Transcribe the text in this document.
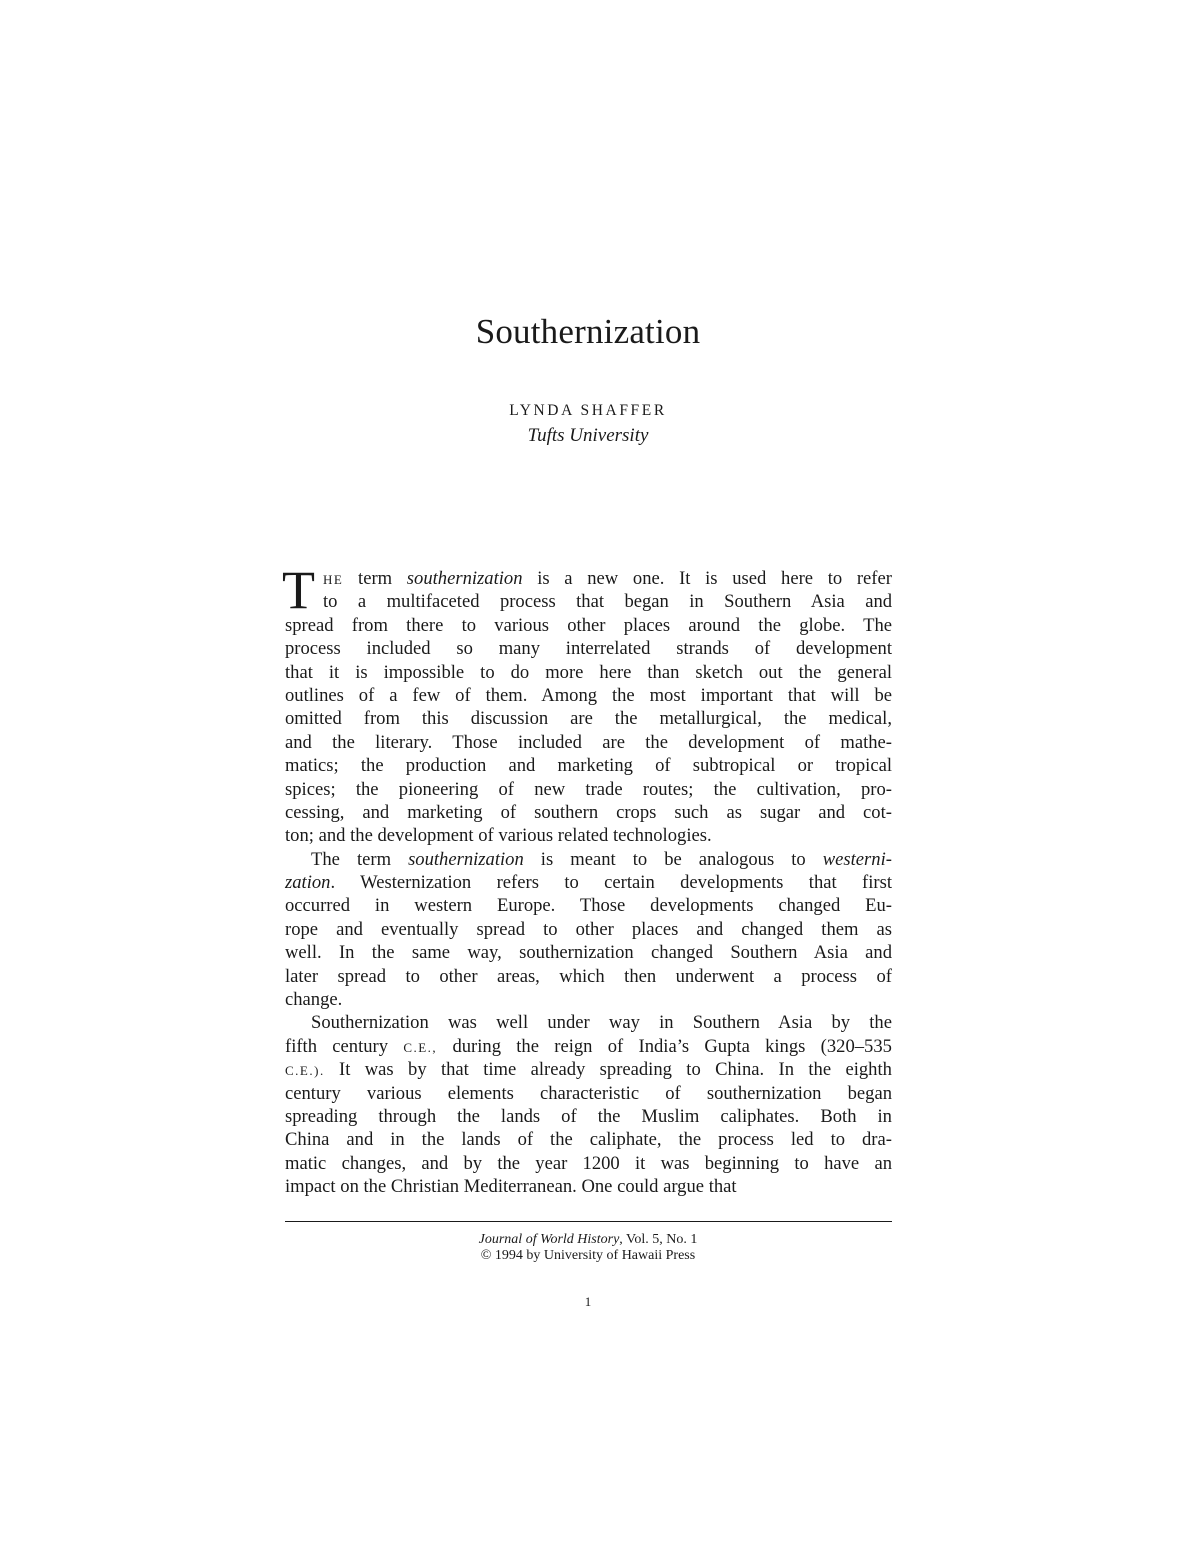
Southernization
LYNDA SHAFFER
Tufts University
HE term southernization is a new one. It is used here to refer
to a multifaceted process that began in Southern Asia and
spread from there to various other places around the globe. The
process included so many interrelated strands of development
that it is impossible to do more here than sketch out the general
outlines of a few of them. Among the most important that will be
omitted from this discussion are the metallurgical, the medical,
and the literary. Those included are the development of mathe-
matics; the production and marketing of subtropical or tropical
spices; the pioneering of new trade routes; the cultivation, pro-
cessing, and marketing of southern crops such as sugar and cot-
ton; and the development of various related technologies.
The term southernization is meant to be analogous to westerni-
zation. Westernization refers to certain developments that first
occurred in western Europe. Those developments changed Eu-
rope and eventually spread to other places and changed them as
well. In the same way, southernization changed Southern Asia and
later spread to other areas, which then underwent a process of
change.
Southernization was well under way in Southern Asia by the
fifth century C.E., during the reign of India’s Gupta kings (320–535
C.E.). It was by that time already spreading to China. In the eighth
century various elements characteristic of southernization began
spreading through the lands of the Muslim caliphates. Both in
China and in the lands of the caliphate, the process led to dra-
matic changes, and by the year 1200 it was beginning to have an
impact on the Christian Mediterranean. One could argue that
T
Journal of World History, Vol. 5, No. 1
© 1994 by University of Hawaii Press
1
